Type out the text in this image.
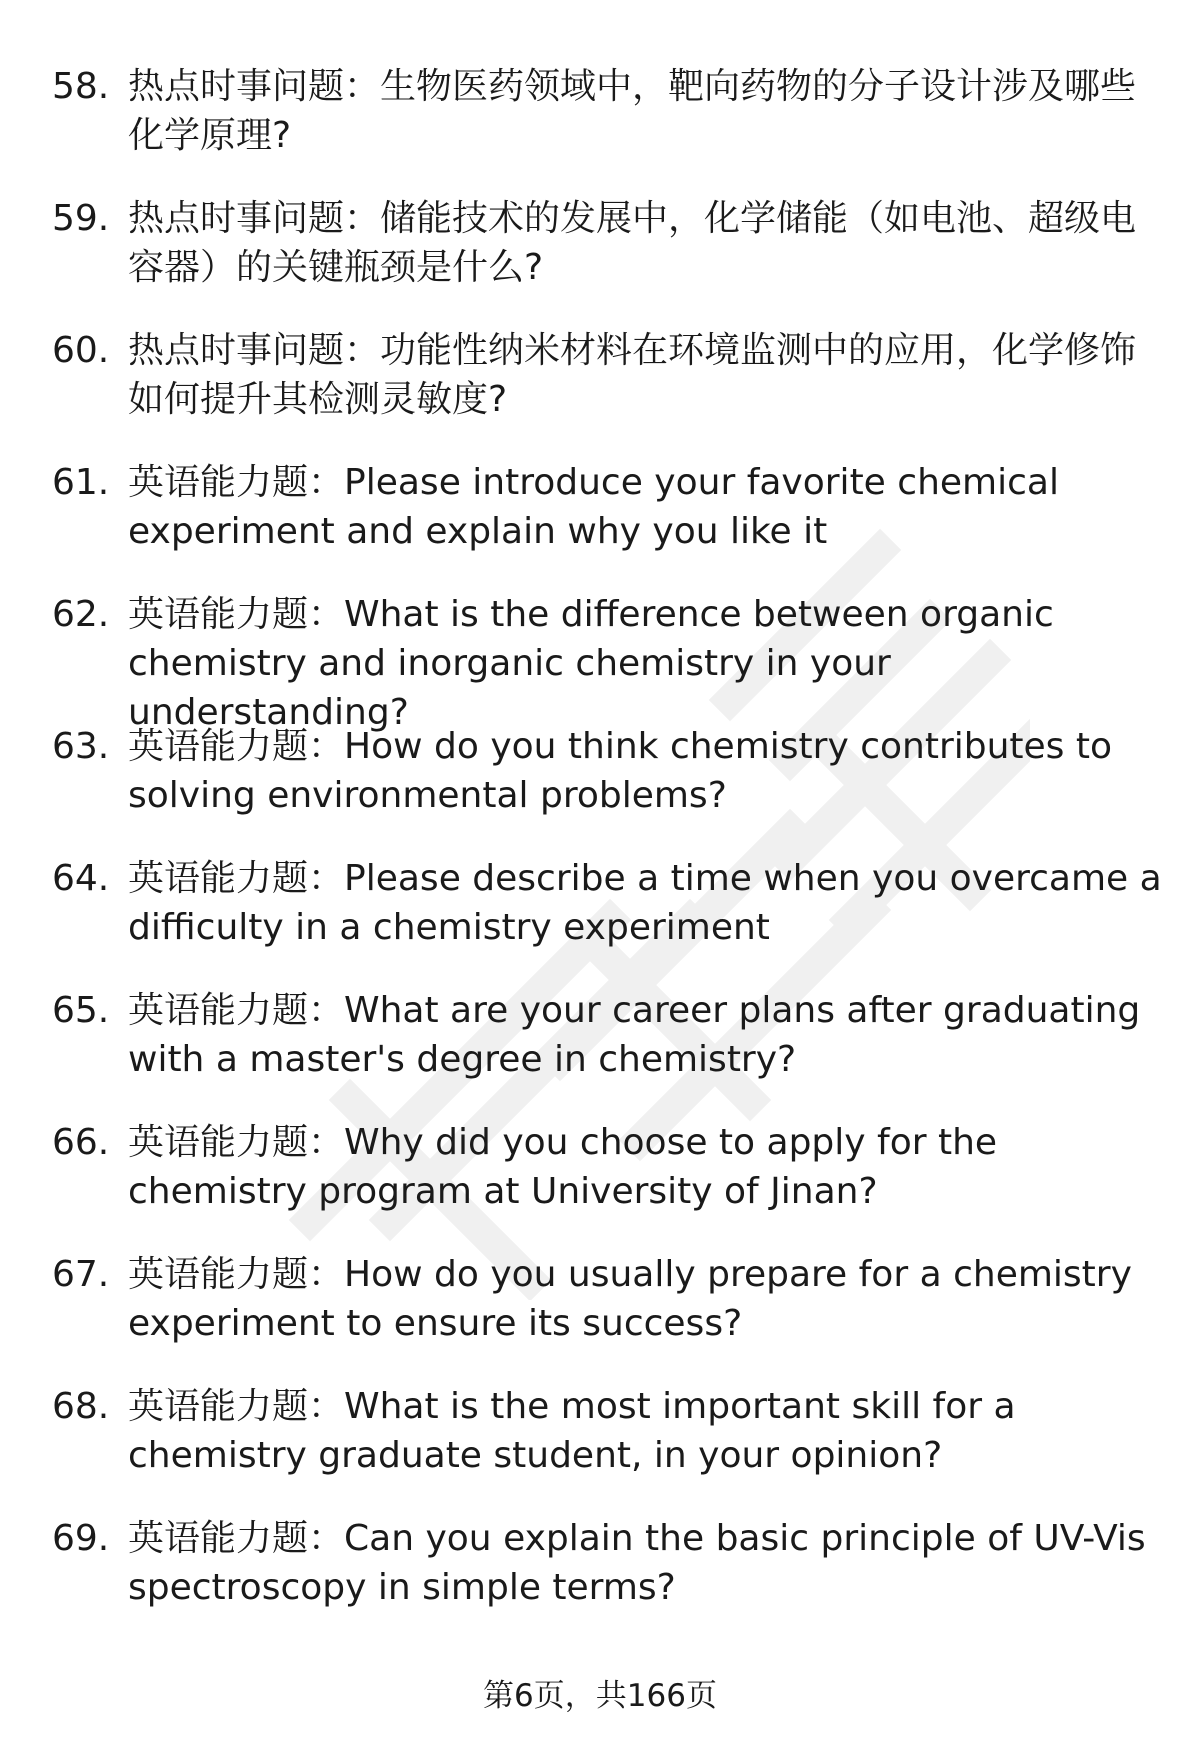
58. 热点时事问题：生物医药领域中，靶向药物的分子设计涉及哪些化学原理?
59. 热点时事问题：储能技术的发展中，化学储能（如电池、超级电容器）的关键瓶颈是什么?
60. 热点时事问题：功能性纳米材料在环境监测中的应用，化学修饰如何提升其检测灵敏度?
61. 英语能力题：Please introduce your favorite chemical experiment and explain why you like it
62. 英语能力题：What is the difference between organic chemistry and inorganic chemistry in your understanding?
63. 英语能力题：How do you think chemistry contributes to solving environmental problems?
64. 英语能力题：Please describe a time when you overcame a difficulty in a chemistry experiment
65. 英语能力题：What are your career plans after graduating with a master's degree in chemistry?
66. 英语能力题：Why did you choose to apply for the chemistry program at University of Jinan?
67. 英语能力题：How do you usually prepare for a chemistry experiment to ensure its success?
68. 英语能力题：What is the most important skill for a chemistry graduate student, in your opinion?
69. 英语能力题：Can you explain the basic principle of UV-Vis spectroscopy in simple terms?
第6页，共166页
